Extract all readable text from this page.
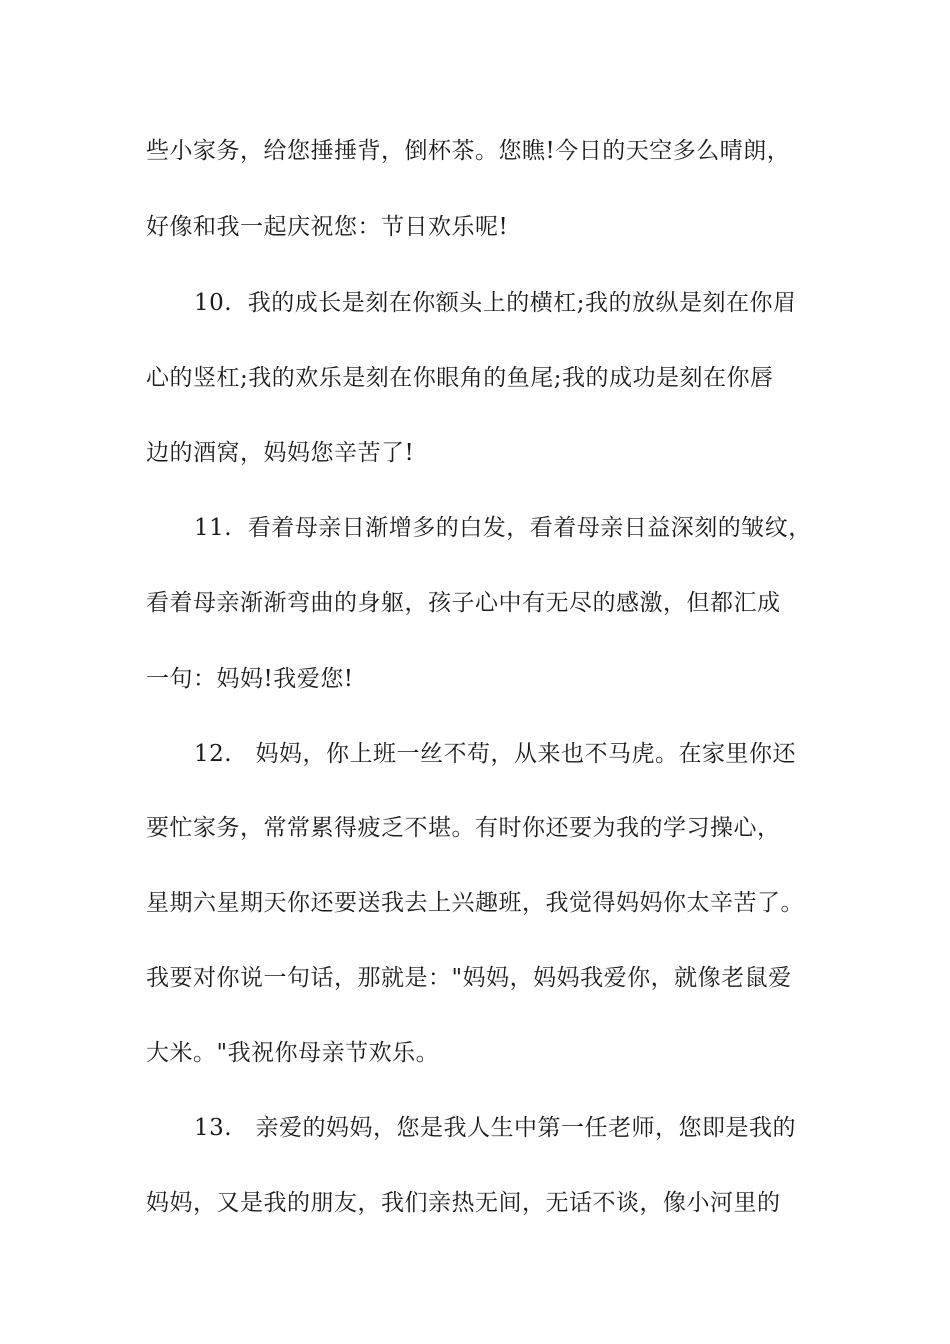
些小家务，给您捶捶背，倒杯茶。您瞧!今日的天空多么晴朗，
好像和我一起庆祝您：节日欢乐呢!
10.  我的成长是刻在你额头上的横杠;我的放纵是刻在你眉
心的竖杠;我的欢乐是刻在你眼角的鱼尾;我的成功是刻在你唇
边的酒窝，妈妈您辛苦了!
11.  看着母亲日渐增多的白发，看着母亲日益深刻的皱纹，
看着母亲渐渐弯曲的身躯，孩子心中有无尽的感激，但都汇成
一句：妈妈!我爱您!
12.   妈妈，你上班一丝不苟，从来也不马虎。在家里你还
要忙家务，常常累得疲乏不堪。有时你还要为我的学习操心，
星期六星期天你还要送我去上兴趣班，我觉得妈妈你太辛苦了。
我要对你说一句话，那就是："妈妈，妈妈我爱你，就像老鼠爱
大米。"我祝你母亲节欢乐。
13.   亲爱的妈妈，您是我人生中第一任老师，您即是我的
妈妈，又是我的朋友，我们亲热无间，无话不谈，像小河里的
